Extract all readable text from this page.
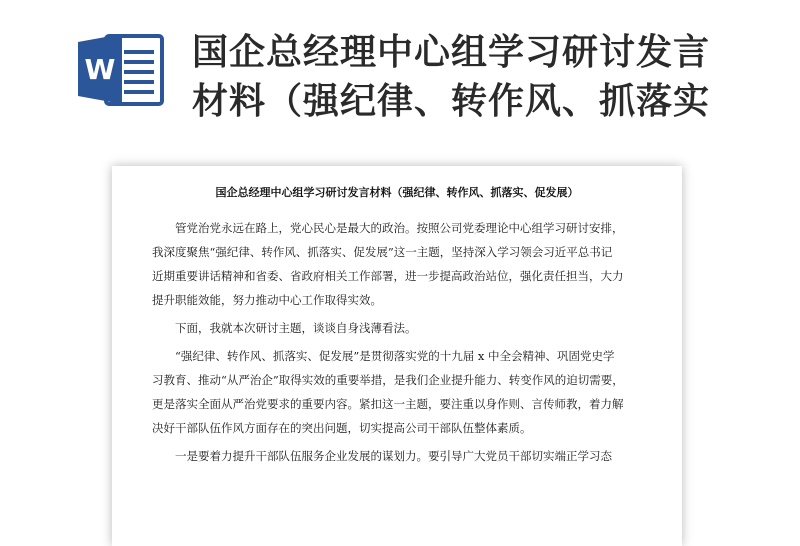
W 国企总经理中心组学习研讨发言
材料（强纪律、转作风、抓落实
国企总经理中心组学习研讨发言材料（强纪律、转作风、抓落实、促发展）

管党治党永远在路上，党心民心是最大的政治。按照公司党委理论中心组学习研讨安排，
我深度聚焦“强纪律、转作风、抓落实、促发展”这一主题，坚持深入学习领会习近平总书记
近期重要讲话精神和省委、省政府相关工作部署，进一步提高政治站位，强化责任担当，大力
提升职能效能，努力推动中心工作取得实效。

下面，我就本次研讨主题，谈谈自身浅薄看法。

“强纪律、转作风、抓落实、促发展”是贯彻落实党的十九届 x 中全会精神、巩固党史学
习教育、推动“从严治企”取得实效的重要举措，是我们企业提升能力、转变作风的迫切需要，
更是落实全面从严治党要求的重要内容。紧扣这一主题，要注重以身作则、言传师教，着力解
决好干部队伍作风方面存在的突出问题，切实提高公司干部队伍整体素质。

一是要着力提升干部队伍服务企业发展的谋划力。要引导广大党员干部切实端正学习态
